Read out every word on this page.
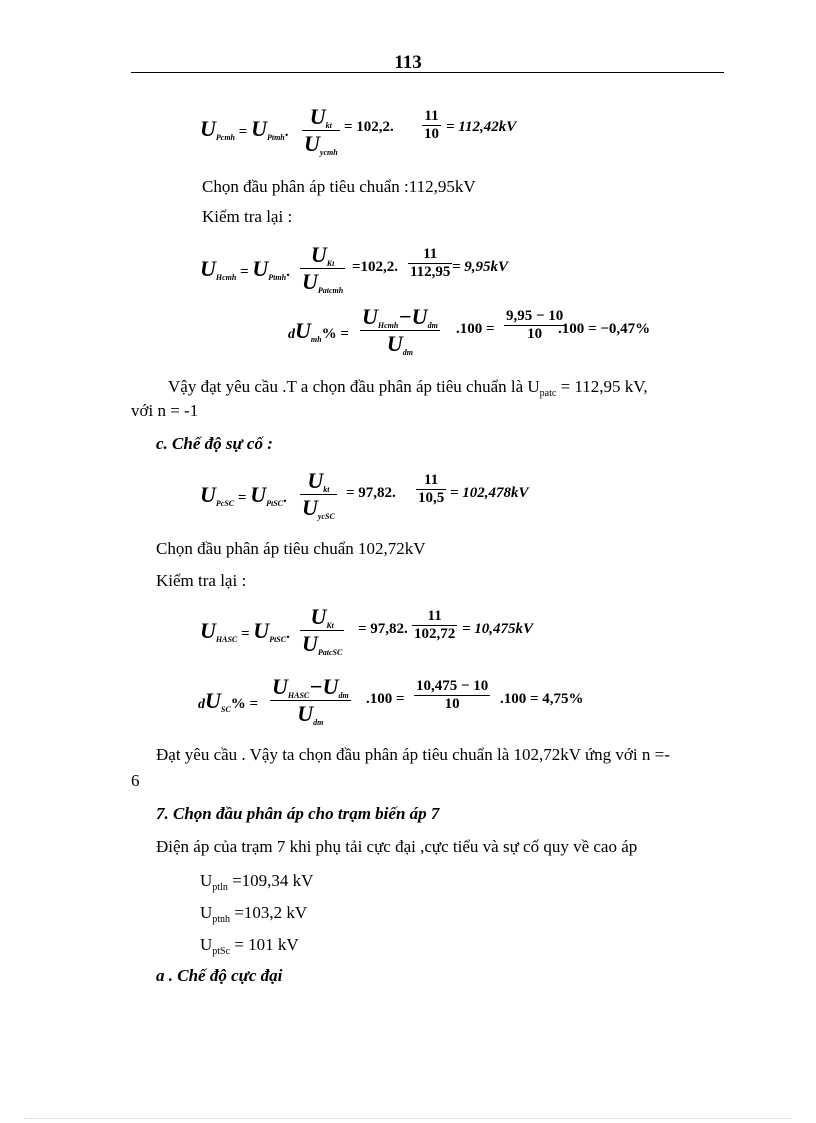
113
$U_{Pcmh} = U_{Ptmh}$.
$U_{kt}$
$U_{ycmh}$
= 102,2.
11
10 = 112,42kV
Chọn đầu phân áp tiêu chuẩn :112,95kV
Kiểm tra lại :
$U_{Hcmh} = U_{Ptmh}$.
$U_{Kt}$
$U_{Patcmh}$
=102,2.
11
112,95 = 9,95kV
$dU_{mh}\%$ =
$U_{Hcmh}-U_{dm}$
$U_{dm}$
.100 =
9,95 − 10
10	.100 = −0,47%
Vậy đạt yêu cầu .T a chọn đầu phân áp tiêu chuẩn là $U_{patc} = 112,95$ kV,
với n = -1
c. Chế độ sự cố :
$U_{PcSC} = U_{PtSC}$.
$U_{kt}$
$U_{ycSC}$
= 97,82.
11
10,5 = 102,478kV
Chọn đầu phân áp tiêu chuẩn 102,72kV
Kiểm tra lại :
$U_{HASC} = U_{PtSC}$.
$U_{Kt}$
$U_{PatcSC}$
= 97,82.
11
102,72 = 10,475kV
$dU_{SC}\%$ =
$U_{HASC}-U_{dm}$
$U_{dm}$
.100 =
10,475 − 10
10	.100 = 4,75%
Đạt yêu cầu . Vậy ta chọn đầu phân áp tiêu chuẩn là 102,72kV ứng với n =-
6
7. Chọn đầu phân áp cho trạm biến áp 7
Điện áp của trạm 7 khi phụ tải cực đại ,cực tiểu và sự cố quy về cao áp
$U_{ptln} =109,34$ kV
$U_{ptnh} =103,2$ kV
$U_{ptSc} = 101$ kV
a . Chế độ cực đại
